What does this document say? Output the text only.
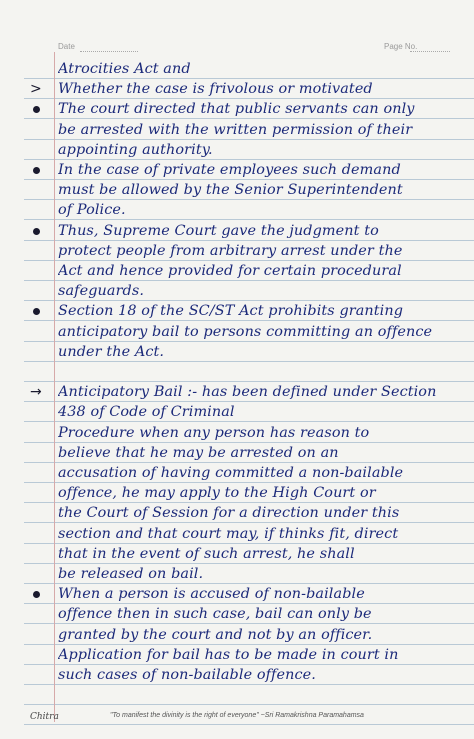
Date	Page No.
Atrocities Act and
>	Whether the case is frivolous or motivated
The court directed that public servants can only
be arrested with the written permission of their
appointing authority.
In the case of private employees such demand
must be allowed by the Senior Superintendent
of Police.
Thus, Supreme Court gave the judgment to
protect people from arbitrary arrest under the
Act and hence provided for certain procedural
safeguards.
Section 18 of the SC/ST Act prohibits granting
anticipatory bail to persons committing an offence
under the Act.
→	Anticipatory Bail :- has been defined under Section
438 of Code of Criminal
Procedure when any person has reason to
believe that he may be arrested on an
accusation of having committed a non-bailable
offence, he may apply to the High Court or
the Court of Session for a direction under this
section and that court may, if thinks fit, direct
that in the event of such arrest, he shall
be released on bail.
When a person is accused of non-bailable
offence then in such case, bail can only be
granted by the court and not by an officer.
Application for bail has to be made in court in
such cases of non-bailable offence.
Chitra	"To manifest the divinity is the right of everyone" ~Sri Ramakrishna Paramahamsa
